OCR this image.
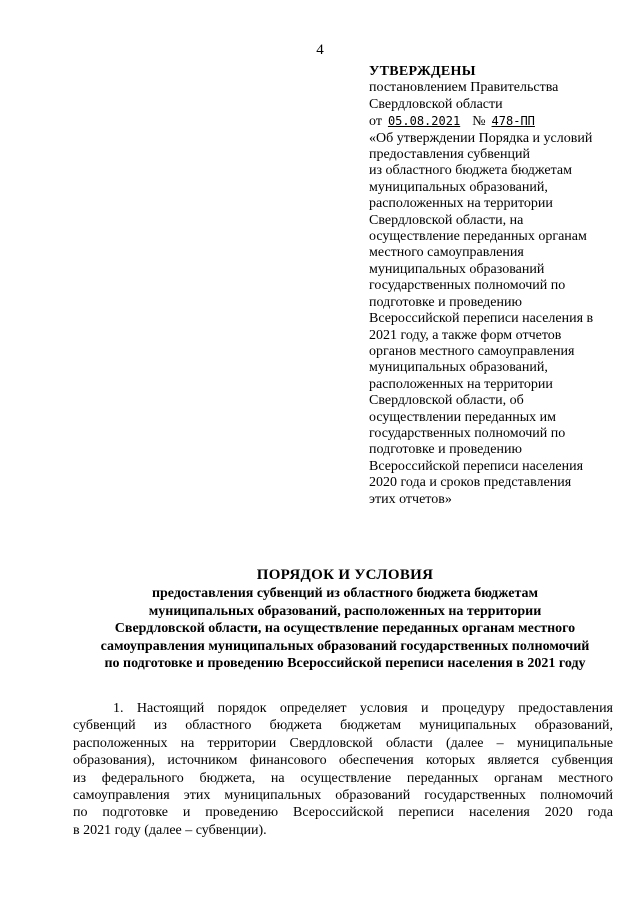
4
УТВЕРЖДЕНЫ
постановлением Правительства
Свердловской области
от 05.08.2021 № 478-ПП
«Об утверждении Порядка и условий
предоставления субвенций
из областного бюджета бюджетам
муниципальных образований,
расположенных на территории
Свердловской области, на
осуществление переданных органам
местного самоуправления
муниципальных образований
государственных полномочий по
подготовке и проведению
Всероссийской переписи населения в
2021 году, а также форм отчетов
органов местного самоуправления
муниципальных образований,
расположенных на территории
Свердловской области, об
осуществлении переданных им
государственных полномочий по
подготовке и проведению
Всероссийской переписи населения
2020 года и сроков представления
этих отчетов»
ПОРЯДОК И УСЛОВИЯ
предоставления субвенций из областного бюджета бюджетам
муниципальных образований, расположенных на территории
Свердловской области, на осуществление переданных органам местного
самоуправления муниципальных образований государственных полномочий
по подготовке и проведению Всероссийской переписи населения в 2021 году
1. Настоящий порядок определяет условия и процедуру предоставления
субвенций из областного бюджета бюджетам муниципальных образований,
расположенных на территории Свердловской области (далее – муниципальные
образования), источником финансового обеспечения которых является субвенция
из федерального бюджета, на осуществление переданных органам местного
самоуправления этих муниципальных образований государственных полномочий
по подготовке и проведению Всероссийской переписи населения 2020 года
в 2021 году (далее – субвенции).
